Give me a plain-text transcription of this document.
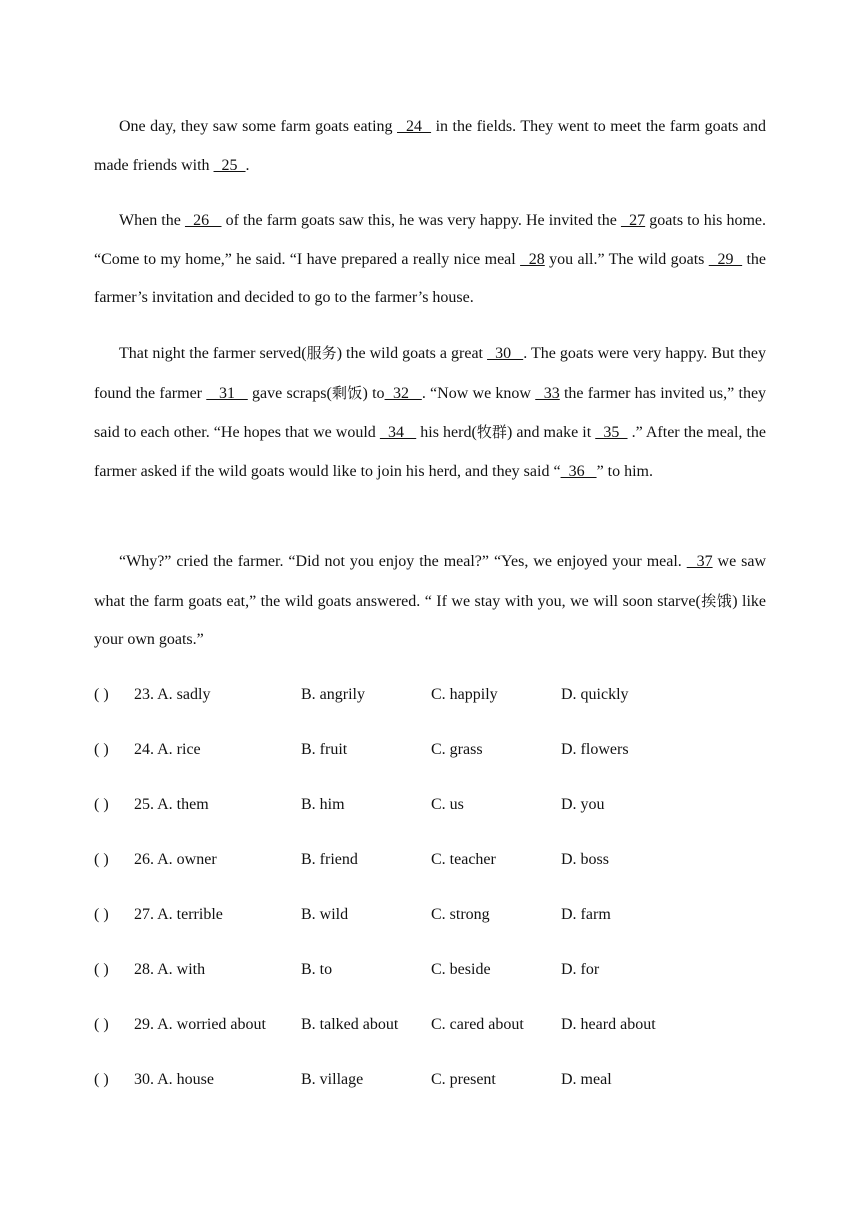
One day, they saw some farm goats eating   24   in the fields. They went to meet the farm goats and made friends with   25  .

When the   26    of the farm goats saw this, he was very happy. He invited the   27 goats to his home. “Come to my home,” he said. “I have prepared a really nice meal   28 you all.” The wild goats   29   the farmer’s invitation and decided to go to the farmer’s house.

That night the farmer served(服务) the wild goats a great   30   . The goats were very happy. But they found the farmer    31    gave scraps(剩饭) to  32   . “Now we know   33 the farmer has invited us,” they said to each other. “He hopes that we would   34    his herd(牧群) and make it   35   .” After the meal, the farmer asked if the wild goats would like to join his herd, and they said “  36   ” to him.

“Why?” cried the farmer. “Did not you enjoy the meal?” “Yes, we enjoyed your meal.   37 we saw what the farm goats eat,” the wild goats answered. “ If we stay with you, we will soon starve(挨饿) like your own goats.”

( ) 23. A. sadly	B. angrily	C. happily	D. quickly
( ) 24. A. rice	B. fruit	C. grass	D. flowers
( ) 25. A. them	B. him	C. us	D. you
( ) 26. A. owner	B. friend	C. teacher	D. boss
( ) 27. A. terrible	B. wild	C. strong	D. farm
( ) 28. A. with	B. to	C. beside	D. for
( ) 29. A. worried about B. talked about C. cared about D. heard about
( ) 30. A. house	B. village	C. present	D. meal
